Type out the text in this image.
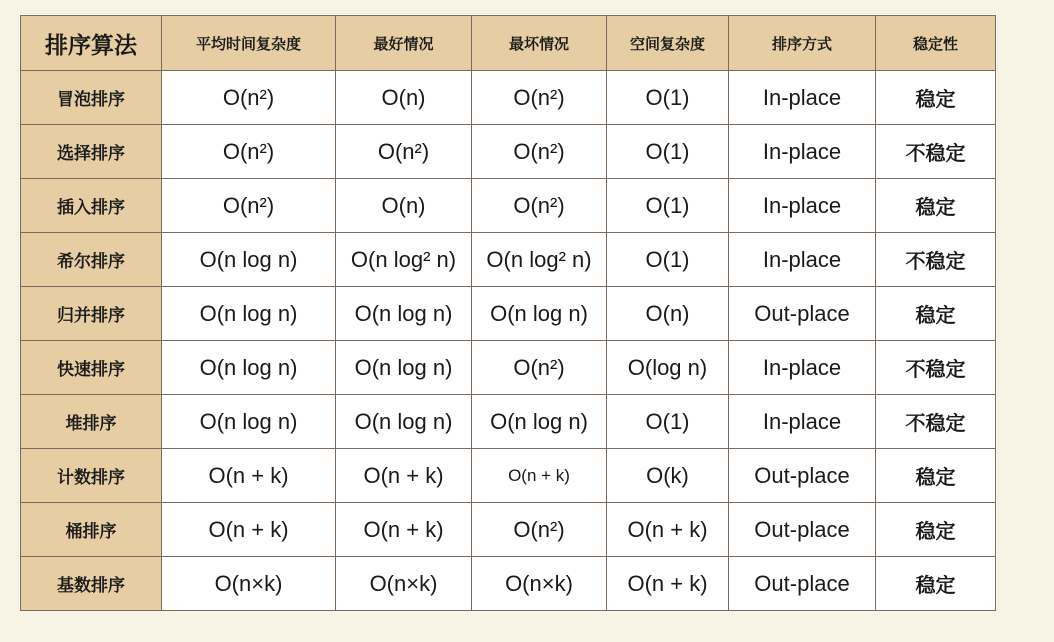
排序算法	平均时间复杂度	最好情况	最坏情况	空间复杂度	排序方式	稳定性
冒泡排序	O(n²)	O(n)	O(n²)	O(1)	In-place	稳定
选择排序	O(n²)	O(n²)	O(n²)	O(1)	In-place	不稳定
插入排序	O(n²)	O(n)	O(n²)	O(1)	In-place	稳定
希尔排序	O(n log n)	O(n log² n)	O(n log² n)	O(1)	In-place	不稳定
归并排序	O(n log n)	O(n log n)	O(n log n)	O(n)	Out-place	稳定
快速排序	O(n log n)	O(n log n)	O(n²)	O(log n)	In-place	不稳定
堆排序	O(n log n)	O(n log n)	O(n log n)	O(1)	In-place	不稳定
计数排序	O(n + k)	O(n + k)	O(n + k)	O(k)	Out-place	稳定
桶排序	O(n + k)	O(n + k)	O(n²)	O(n + k)	Out-place	稳定
基数排序	O(n×k)	O(n×k)	O(n×k)	O(n + k)	Out-place	稳定
